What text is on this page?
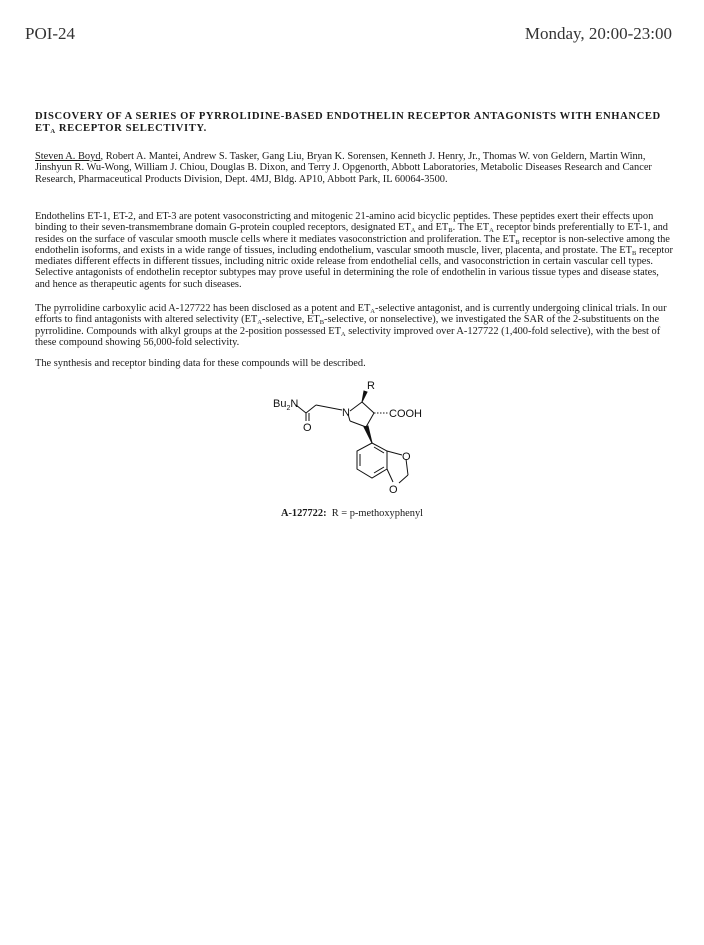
POI-24	Monday, 20:00-23:00
DISCOVERY OF A SERIES OF PYRROLIDINE-BASED ENDOTHELIN RECEPTOR ANTAGONISTS WITH ENHANCED $ET_A$ RECEPTOR SELECTIVITY.
Steven A. Boyd, Robert A. Mantei, Andrew S. Tasker, Gang Liu, Bryan K. Sorensen, Kenneth J. Henry, Jr., Thomas W. von Geldern, Martin Winn, Jinshyun R. Wu-Wong, William J. Chiou, Douglas B. Dixon, and Terry J. Opgenorth, Abbott Laboratories, Metabolic Diseases Research and Cancer Research, Pharmaceutical Products Division, Dept. 4MJ, Bldg. AP10, Abbott Park, IL 60064-3500.
Endothelins ET-1, ET-2, and ET-3 are potent vasoconstricting and mitogenic 21-amino acid bicyclic peptides. These peptides exert their effects upon binding to their seven-transmembrane domain G-protein coupled receptors, designated $ET_A$ and $ET_B$. The $ET_A$ receptor binds preferentially to ET-1, and resides on the surface of vascular smooth muscle cells where it mediates vasoconstriction and proliferation. The $ET_B$ receptor is non-selective among the endothelin isoforms, and exists in a wide range of tissues, including endothelium, vascular smooth muscle, liver, placenta, and prostate. The $ET_B$ receptor mediates different effects in different tissues, including nitric oxide release from endothelial cells, and vasoconstriction in certain vascular cell types. Selective antagonists of endothelin receptor subtypes may prove useful in determining the role of endothelin in various tissue types and disease states, and hence as therapeutic agents for such diseases.
The pyrrolidine carboxylic acid A-127722 has been disclosed as a potent and $ET_A$-selective antagonist, and is currently undergoing clinical trials. In our efforts to find antagonists with altered selectivity ($ET_A$-selective, $ET_B$-selective, or nonselective), we investigated the SAR of the 2-substituents on the pyrrolidine. Compounds with alkyl groups at the 2-position possessed $ET_A$ selectivity improved over A-127722 (1,400-fold selective), with the best of these compound showing 56,000-fold selectivity.
The synthesis and receptor binding data for these compounds will be described.
R
$Bu_2N$
O
N	COOH
O
O
A-127722: R = p-methoxyphenyl
